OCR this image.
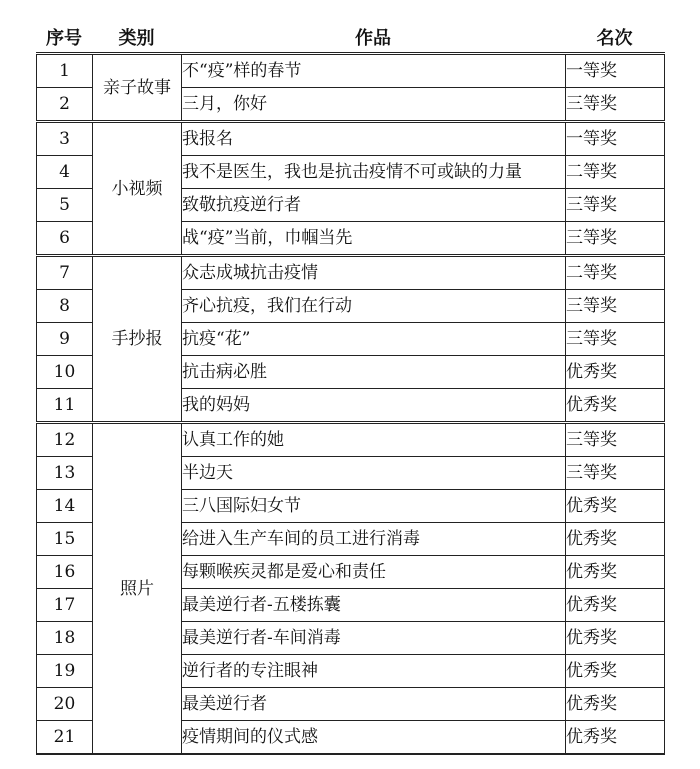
序号	类别	作品	名次
1	亲子故事	不“疫”样的春节	一等奖
2		三月，你好	三等奖
3	小视频	我报名	一等奖
4		我不是医生，我也是抗击疫情不可或缺的力量	二等奖
5		致敬抗疫逆行者	三等奖
6		战“疫”当前，巾帼当先	三等奖
7	手抄报	众志成城抗击疫情	二等奖
8		齐心抗疫，我们在行动	三等奖
9		抗疫“花”	三等奖
10		抗击病必胜	优秀奖
11		我的妈妈	优秀奖
12	照片	认真工作的她	三等奖
13		半边天	三等奖
14		三八国际妇女节	优秀奖
15		给进入生产车间的员工进行消毒	优秀奖
16		每颗喉疾灵都是爱心和责任	优秀奖
17		最美逆行者-五楼拣囊	优秀奖
18		最美逆行者-车间消毒	优秀奖
19		逆行者的专注眼神	优秀奖
20		最美逆行者	优秀奖
21		疫情期间的仪式感	优秀奖
